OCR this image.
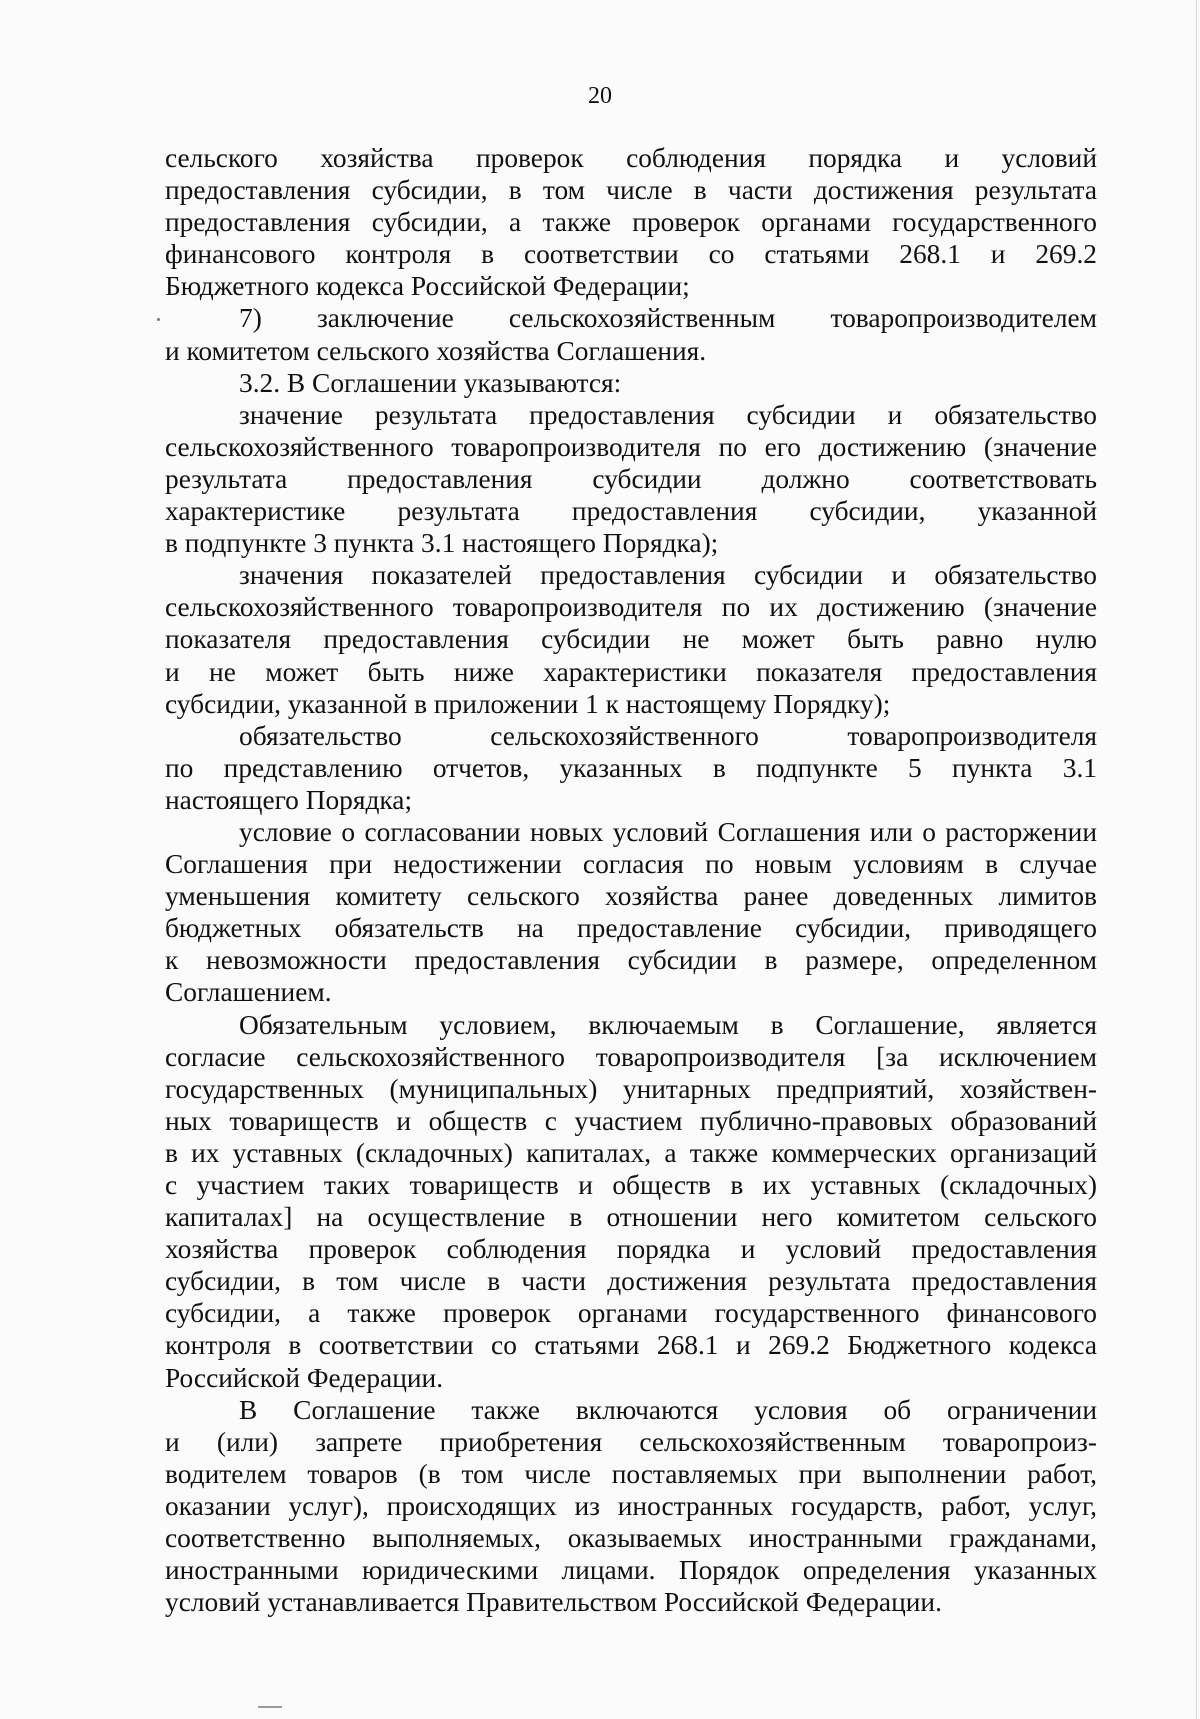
20
сельского хозяйства проверок соблюдения порядка и условий
предоставления субсидии, в том числе в части достижения результата
предоставления субсидии, а также проверок органами государственного
финансового контроля в соответствии со статьями 268.1 и 269.2
Бюджетного кодекса Российской Федерации;
7) заключение сельскохозяйственным товаропроизводителем
и комитетом сельского хозяйства Соглашения.
3.2. В Соглашении указываются:
значение результата предоставления субсидии и обязательство
сельскохозяйственного товаропроизводителя по его достижению (значение
результата предоставления субсидии должно соответствовать
характеристике результата предоставления субсидии, указанной
в подпункте 3 пункта 3.1 настоящего Порядка);
значения показателей предоставления субсидии и обязательство
сельскохозяйственного товаропроизводителя по их достижению (значение
показателя предоставления субсидии не может быть равно нулю
и не может быть ниже характеристики показателя предоставления
субсидии, указанной в приложении 1 к настоящему Порядку);
обязательство сельскохозяйственного товаропроизводителя
по представлению отчетов, указанных в подпункте 5 пункта 3.1
настоящего Порядка;
условие о согласовании новых условий Соглашения или о расторжении
Соглашения при недостижении согласия по новым условиям в случае
уменьшения комитету сельского хозяйства ранее доведенных лимитов
бюджетных обязательств на предоставление субсидии, приводящего
к невозможности предоставления субсидии в размере, определенном
Соглашением.
Обязательным условием, включаемым в Соглашение, является
согласие сельскохозяйственного товаропроизводителя [за исключением
государственных (муниципальных) унитарных предприятий, хозяйствен-
ных товариществ и обществ с участием публично-правовых образований
в их уставных (складочных) капиталах, а также коммерческих организаций
с участием таких товариществ и обществ в их уставных (складочных)
капиталах] на осуществление в отношении него комитетом сельского
хозяйства проверок соблюдения порядка и условий предоставления
субсидии, в том числе в части достижения результата предоставления
субсидии, а также проверок органами государственного финансового
контроля в соответствии со статьями 268.1 и 269.2 Бюджетного кодекса
Российской Федерации.
В Соглашение также включаются условия об ограничении
и (или) запрете приобретения сельскохозяйственным товаропроиз-
водителем товаров (в том числе поставляемых при выполнении работ,
оказании услуг), происходящих из иностранных государств, работ, услуг,
соответственно выполняемых, оказываемых иностранными гражданами,
иностранными юридическими лицами. Порядок определения указанных
условий устанавливается Правительством Российской Федерации.
